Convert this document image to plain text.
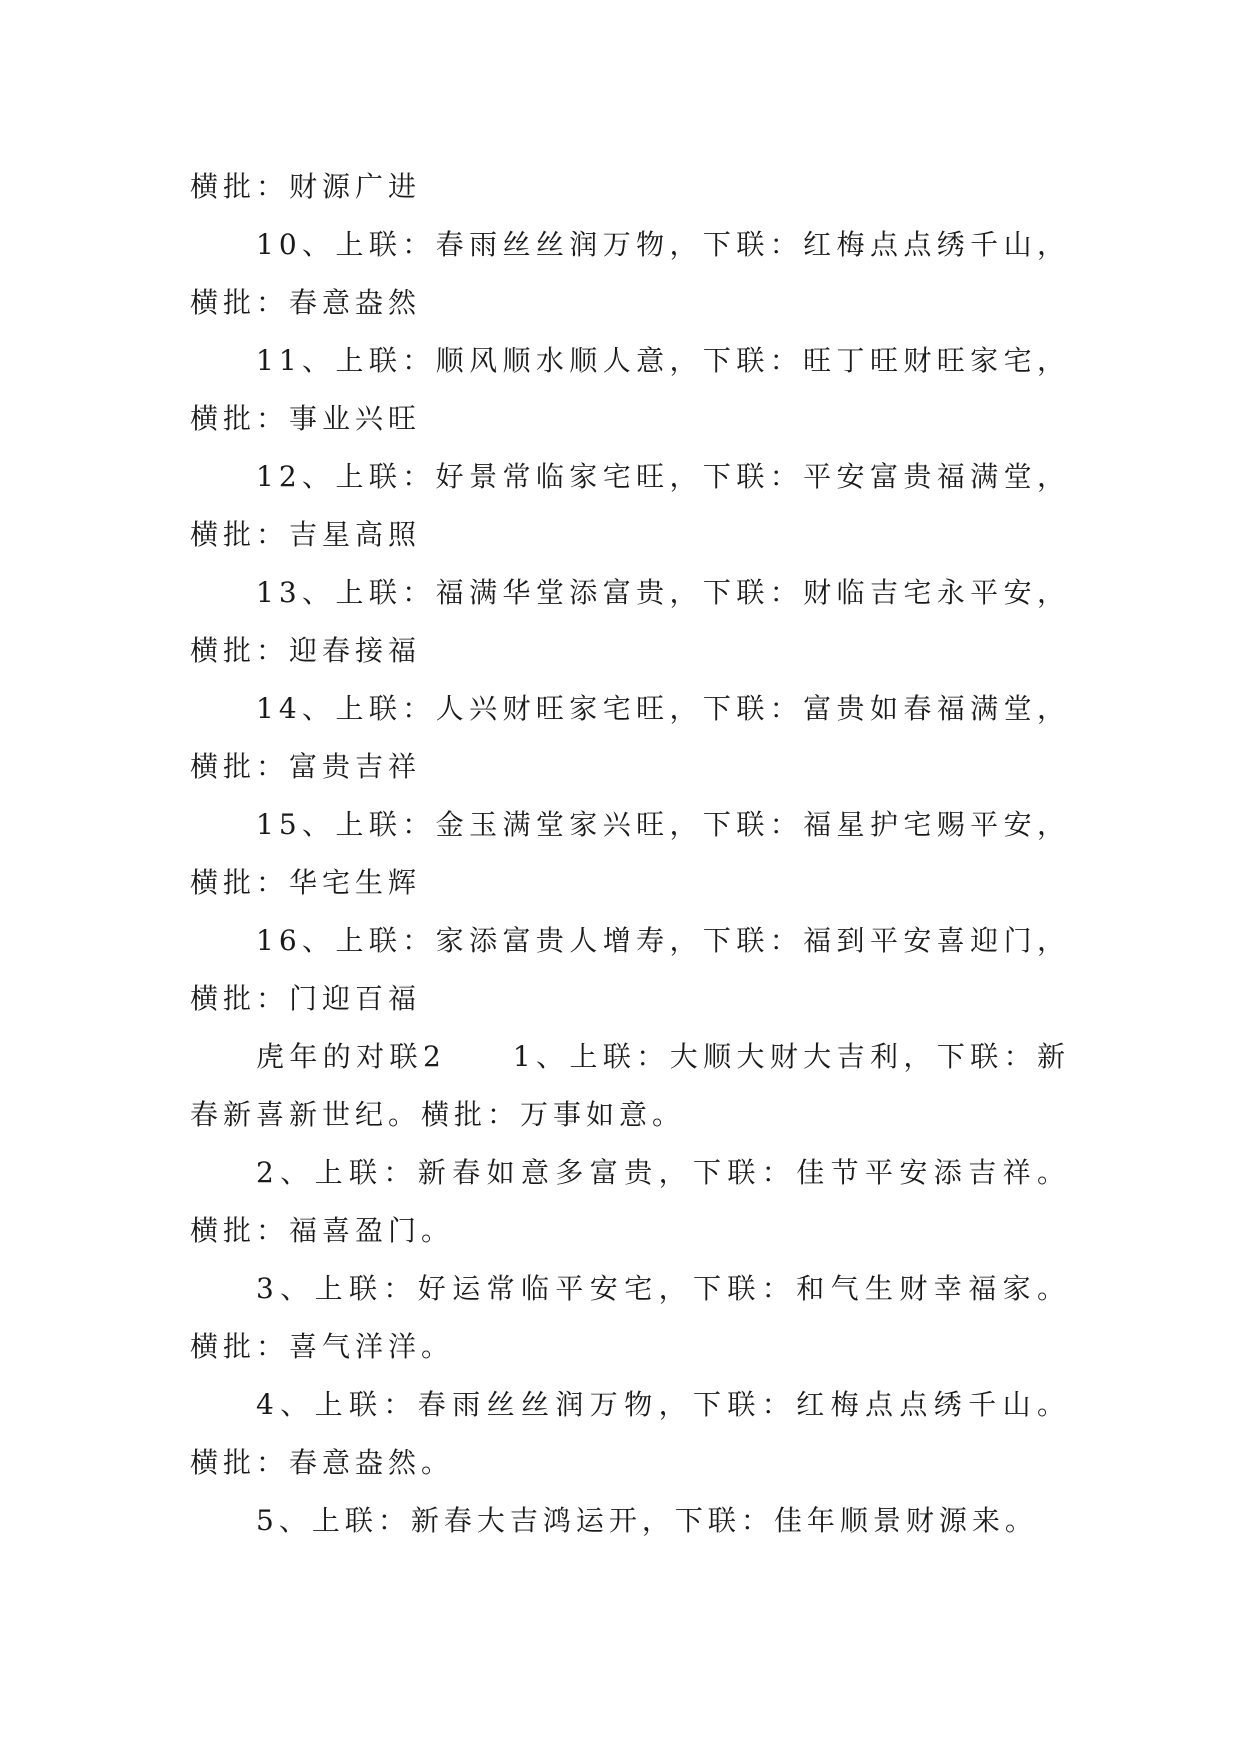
横批：财源广进

10、上联：春雨丝丝润万物，下联：红梅点点绣千山，横批：春意盎然

11、上联：顺风顺水顺人意，下联：旺丁旺财旺家宅，横批：事业兴旺

12、上联：好景常临家宅旺，下联：平安富贵福满堂，横批：吉星高照

13、上联：福满华堂添富贵，下联：财临吉宅永平安，横批：迎春接福

14、上联：人兴财旺家宅旺，下联：富贵如春福满堂，横批：富贵吉祥

15、上联：金玉满堂家兴旺，下联：福星护宅赐平安，横批：华宅生辉

16、上联：家添富贵人增寿，下联：福到平安喜迎门，横批：门迎百福

虎年的对联2　　1、上联：大顺大财大吉利，下联：新春新喜新世纪。横批：万事如意。

2、上联：新春如意多富贵，下联：佳节平安添吉祥。横批：福喜盈门。

3、上联：好运常临平安宅，下联：和气生财幸福家。横批：喜气洋洋。

4、上联：春雨丝丝润万物，下联：红梅点点绣千山。横批：春意盎然。

5、上联：新春大吉鸿运开，下联：佳年顺景财源来。
